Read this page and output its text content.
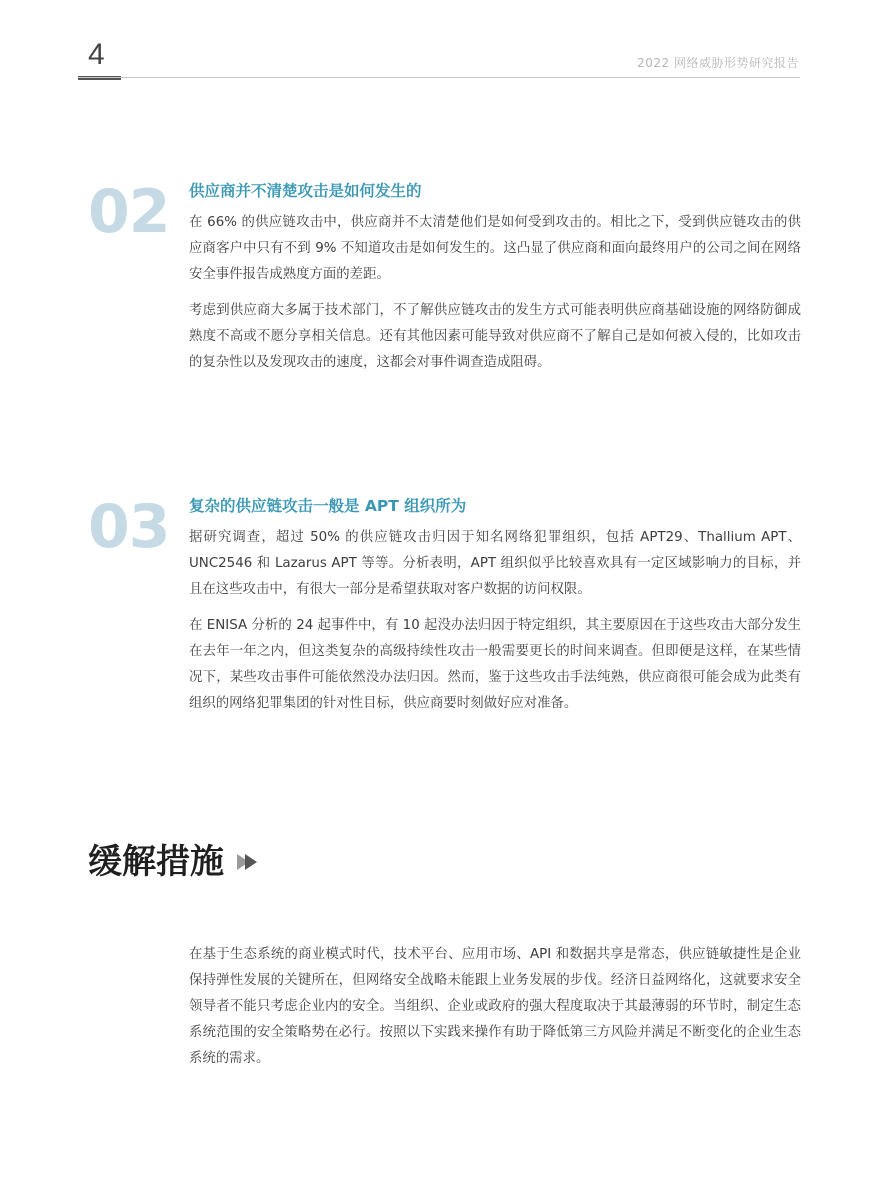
4	2022 网络威胁形势研究报告
02 供应商并不清楚攻击是如何发生的

在 66% 的供应链攻击中，供应商并不太清楚他们是如何受到攻击的。相比之下，受到供应链攻击的供应商客户中只有不到 9% 不知道攻击是如何发生的。这凸显了供应商和面向最终用户的公司之间在网络安全事件报告成熟度方面的差距。

考虑到供应商大多属于技术部门，不了解供应链攻击的发生方式可能表明供应商基础设施的网络防御成熟度不高或不愿分享相关信息。还有其他因素可能导致对供应商不了解自己是如何被入侵的，比如攻击的复杂性以及发现攻击的速度，这都会对事件调查造成阻碍。

03 复杂的供应链攻击一般是 APT 组织所为

据研究调查，超过 50% 的供应链攻击归因于知名网络犯罪组织，包括 APT29、Thallium APT、UNC2546 和 Lazarus APT 等等。分析表明，APT 组织似乎比较喜欢具有一定区域影响力的目标，并且在这些攻击中，有很大一部分是希望获取对客户数据的访问权限。

在 ENISA 分析的 24 起事件中，有 10 起没办法归因于特定组织，其主要原因在于这些攻击大部分发生在去年一年之内，但这类复杂的高级持续性攻击一般需要更长的时间来调查。但即便是这样，在某些情况下，某些攻击事件可能依然没办法归因。然而，鉴于这些攻击手法纯熟，供应商很可能会成为此类有组织的网络犯罪集团的针对性目标，供应商要时刻做好应对准备。

缓解措施

在基于生态系统的商业模式时代，技术平台、应用市场、API 和数据共享是常态，供应链敏捷性是企业保持弹性发展的关键所在，但网络安全战略未能跟上业务发展的步伐。经济日益网络化，这就要求安全领导者不能只考虑企业内的安全。当组织、企业或政府的强大程度取决于其最薄弱的环节时，制定生态系统范围的安全策略势在必行。按照以下实践来操作有助于降低第三方风险并满足不断变化的企业生态系统的需求。
